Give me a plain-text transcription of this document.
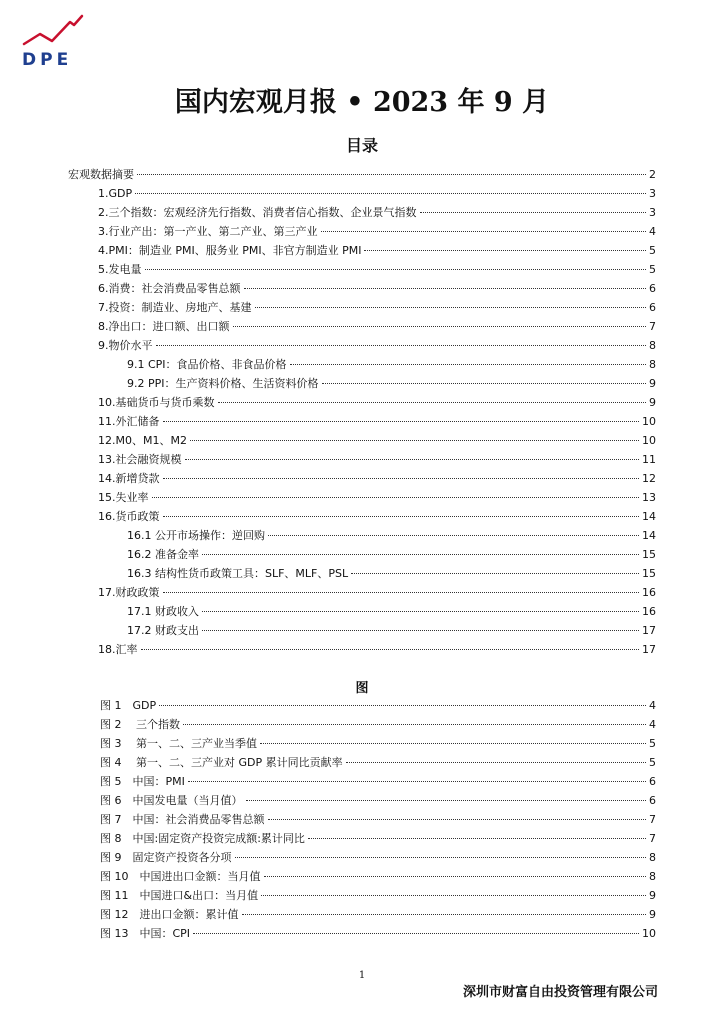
DPE
国内宏观月报 • 2023 年 9 月
目录
宏观数据摘要	2
1.GDP	3
2.三个指数：宏观经济先行指数、消费者信心指数、企业景气指数	3
3.行业产出：第一产业、第二产业、第三产业	4
4.PMI：制造业 PMI、服务业 PMI、非官方制造业 PMI	5
5.发电量	5
6.消费：社会消费品零售总额	6
7.投资：制造业、房地产、基建	6
8.净出口：进口额、出口额	7
9.物价水平	8
9.1 CPI：食品价格、非食品价格	8
9.2 PPI：生产资料价格、生活资料价格	9
10.基础货币与货币乘数	9
11.外汇储备	10
12.M0、M1、M2	10
13.社会融资规模	11
14.新增贷款	12
15.失业率	13
16.货币政策	14
16.1 公开市场操作：逆回购	14
16.2 准备金率	15
16.3 结构性货币政策工具：SLF、MLF、PSL	15
17.财政政策	16
17.1 财政收入	16
17.2 财政支出	17
18.汇率	17
图
图 1　GDP	4
图 2　 三个指数	4
图 3　 第一、二、三产业当季值	5
图 4　 第一、二、三产业对 GDP 累计同比贡献率	5
图 5　中国：PMI	6
图 6　中国发电量（当月值）	6
图 7　中国：社会消费品零售总额	7
图 8　中国:固定资产投资完成额:累计同比	7
图 9　固定资产投资各分项	8
图 10　中国进出口金额：当月值	8
图 11　中国进口&出口：当月值	9
图 12　进出口金额：累计值	9
图 13　中国：CPI	10
1
深圳市财富自由投资管理有限公司
